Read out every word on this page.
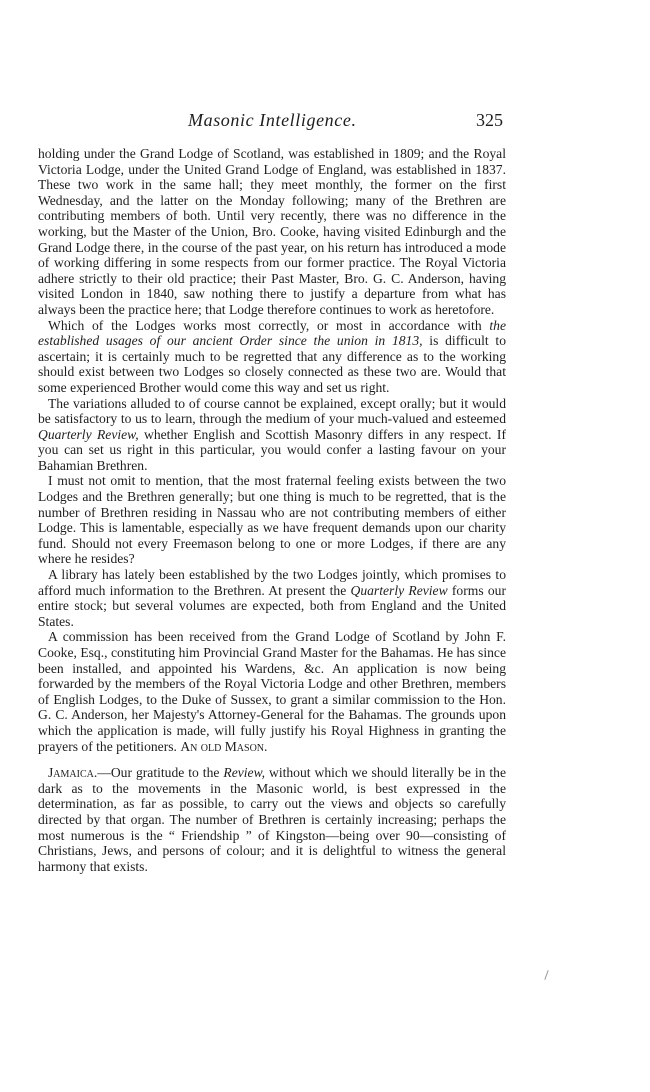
Masonic Intelligence.	325

holding under the Grand Lodge of Scotland, was established in 1809; and the Royal Victoria Lodge, under the United Grand Lodge of England, was established in 1837. These two work in the same hall; they meet monthly, the former on the first Wednesday, and the latter on the Monday following; many of the Brethren are contributing members of both. Until very recently, there was no difference in the working, but the Master of the Union, Bro. Cooke, having visited Edinburgh and the Grand Lodge there, in the course of the past year, on his return has introduced a mode of working differing in some respects from our former practice. The Royal Victoria adhere strictly to their old practice; their Past Master, Bro. G. C. Anderson, having visited London in 1840, saw nothing there to justify a departure from what has always been the practice here; that Lodge therefore continues to work as heretofore.

Which of the Lodges works most correctly, or most in accordance with the established usages of our ancient Order since the union in 1813, is difficult to ascertain; it is certainly much to be regretted that any difference as to the working should exist between two Lodges so closely connected as these two are. Would that some experienced Brother would come this way and set us right.

The variations alluded to of course cannot be explained, except orally; but it would be satisfactory to us to learn, through the medium of your much-valued and esteemed Quarterly Review, whether English and Scottish Masonry differs in any respect. If you can set us right in this particular, you would confer a lasting favour on your Bahamian Brethren.

I must not omit to mention, that the most fraternal feeling exists between the two Lodges and the Brethren generally; but one thing is much to be regretted, that is the number of Brethren residing in Nassau who are not contributing members of either Lodge. This is lamentable, especially as we have frequent demands upon our charity fund. Should not every Freemason belong to one or more Lodges, if there are any where he resides?

A library has lately been established by the two Lodges jointly, which promises to afford much information to the Brethren. At present the Quarterly Review forms our entire stock; but several volumes are expected, both from England and the United States.

A commission has been received from the Grand Lodge of Scotland by John F. Cooke, Esq., constituting him Provincial Grand Master for the Bahamas. He has since been installed, and appointed his Wardens, &c. An application is now being forwarded by the members of the Royal Victoria Lodge and other Brethren, members of English Lodges, to the Duke of Sussex, to grant a similar commission to the Hon. G. C. Anderson, her Majesty's Attorney-General for the Bahamas. The grounds upon which the application is made, will fully justify his Royal Highness in granting the prayers of the petitioners. An old Mason.

Jamaica.—Our gratitude to the Review, without which we should literally be in the dark as to the movements in the Masonic world, is best expressed in the determination, as far as possible, to carry out the views and objects so carefully directed by that organ. The number of Brethren is certainly increasing; perhaps the most numerous is the “ Friendship ” of Kingston—being over 90—consisting of Christians, Jews, and persons of colour; and it is delightful to witness the general harmony that exists.
